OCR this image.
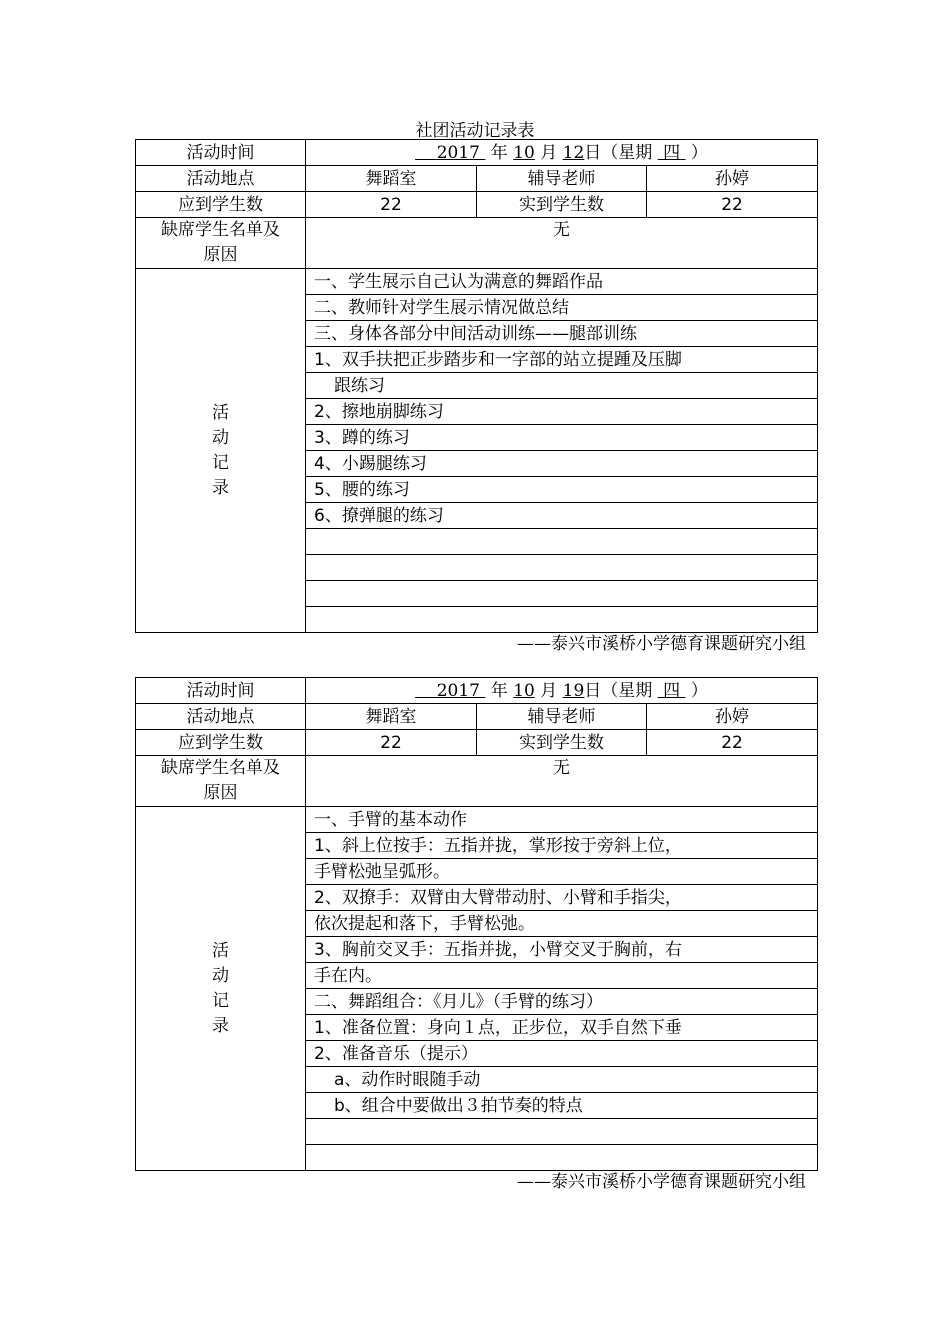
社团活动记录表
活动时间	2017 年 10 月 12日（星期 四 ）		
活动地点	舞蹈室	辅导老师	孙婷
应到学生数	22	实到学生数	22
缺席学生名单及
原因	无		

活
动
记
录	一、学生展示自己认为满意的舞蹈作品		
	二、教师针对学生展示情况做总结		
	三、身体各部分中间活动训练——腿部训练		
	1、双手扶把正步踏步和一字部的站立提踵及压脚		
	跟练习		
	2、擦地崩脚练习		
	3、蹲的练习		
	4、小踢腿练习		
	5、腰的练习		
	6、撩弹腿的练习		

——泰兴市溪桥小学德育课题研究小组
活动时间	2017 年 10 月 19日（星期 四 ）		
活动地点	舞蹈室	辅导老师	孙婷
应到学生数	22	实到学生数	22
缺席学生名单及
原因	无		

活
动
记
录	一、手臂的基本动作		
	1、斜上位按手：五指并拢，掌形按于旁斜上位，		
	手臂松弛呈弧形。		
	2、双撩手：双臂由大臂带动肘、小臂和手指尖，		
	依次提起和落下，手臂松弛。		
	3、胸前交叉手：五指并拢，小臂交叉于胸前，右		
	手在内。		
	二、舞蹈组合：《月儿》（手臂的练习）		
	1、准备位置：身向１点，正步位，双手自然下垂		
	2、准备音乐（提示）		
	a、动作时眼随手动		
	b、组合中要做出３拍节奏的特点		

——泰兴市溪桥小学德育课题研究小组
